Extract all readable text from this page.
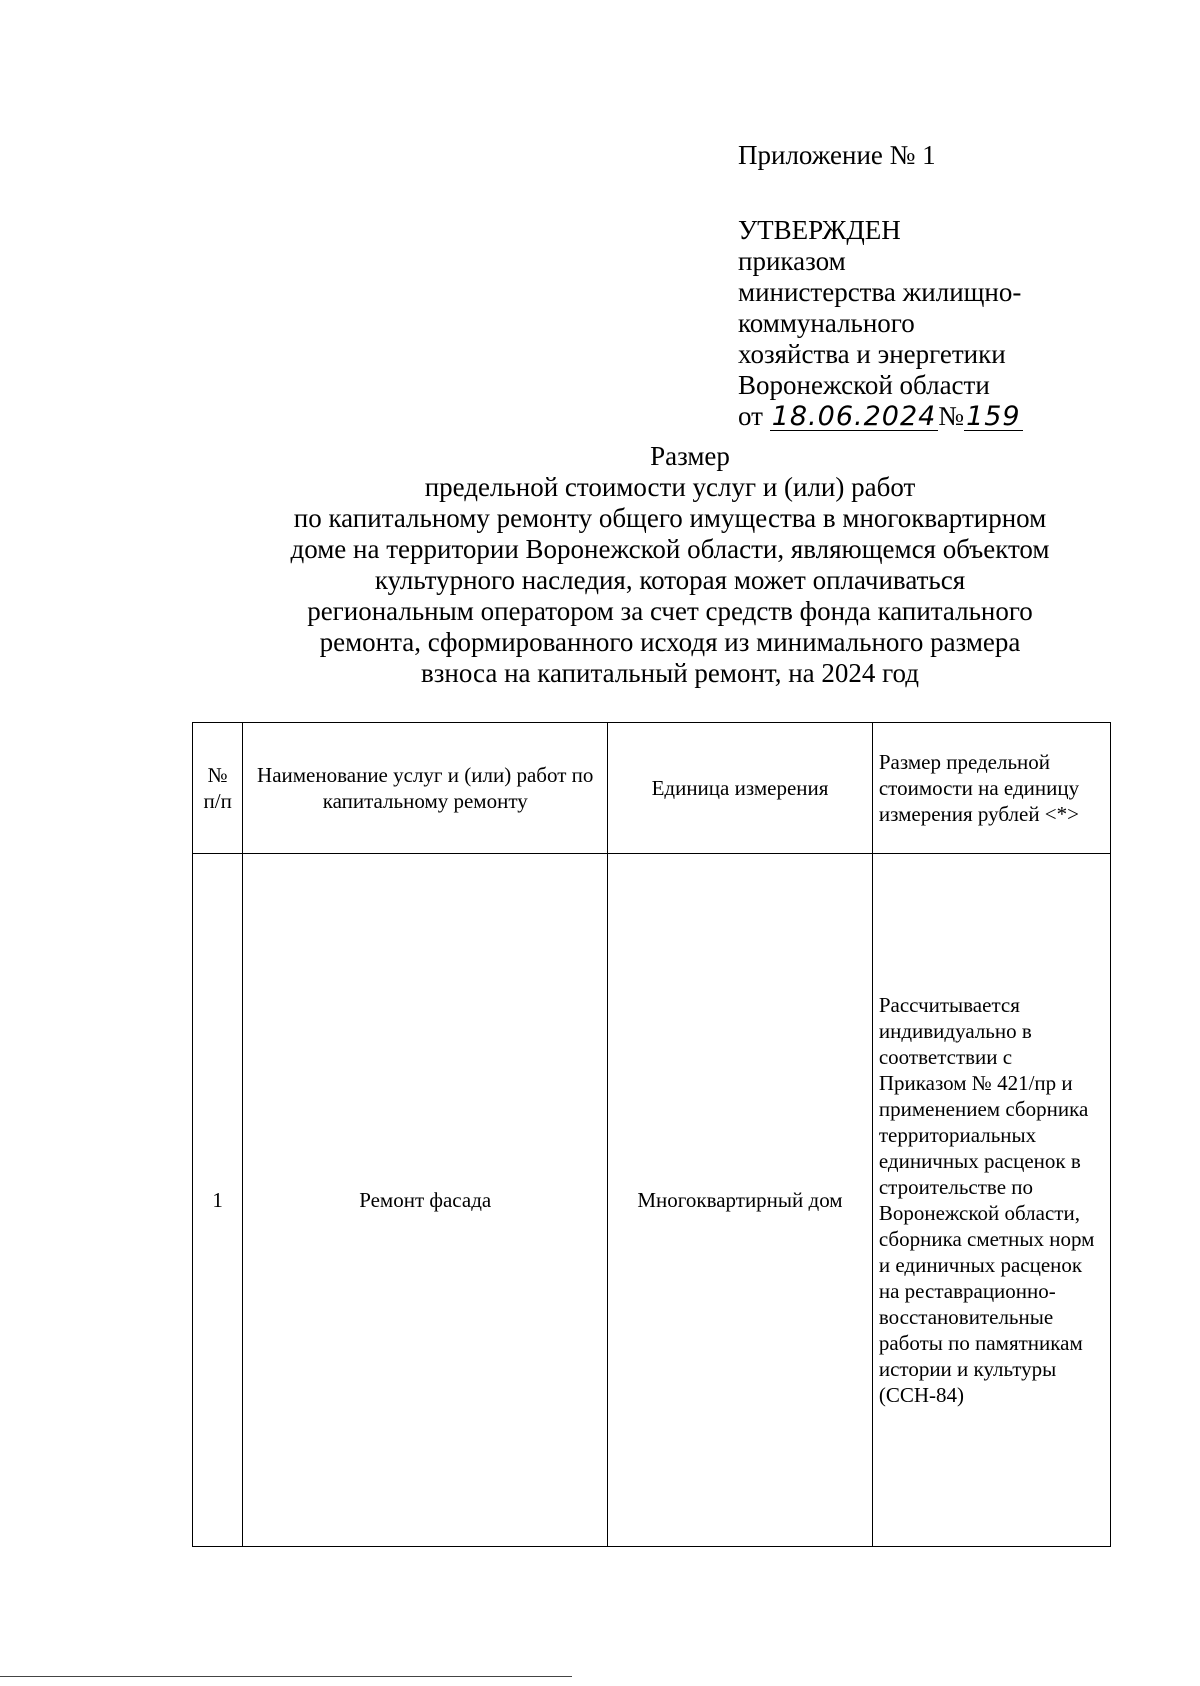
Приложение № 1
УТВЕРЖДЕН
приказом
министерства жилищно-
коммунального
хозяйства и энергетики
Воронежской области
от 18.06.2024№159
Размер
предельной стоимости услуг и (или) работ
по капитальному ремонту общего имущества в многоквартирном
доме на территории Воронежской области, являющемся объектом
культурного наследия, которая может оплачиваться
региональным оператором за счет средств фонда капитального
ремонта, сформированного исходя из минимального размера
взноса на капитальный ремонт, на 2024 год
№ п/п	Наименование услуг и (или) работ по капитальному ремонту	Единица измерения	Размер предельной стоимости на единицу измерения рублей <*>
1	Ремонт фасада	Многоквартирный дом	Рассчитывается индивидуально в соответствии с Приказом № 421/пр и применением сборника территориальных единичных расценок в строительстве по Воронежской области, сборника сметных норм и единичных расценок на реставрационно-восстановительные работы по памятникам истории и культуры (ССН-84)
